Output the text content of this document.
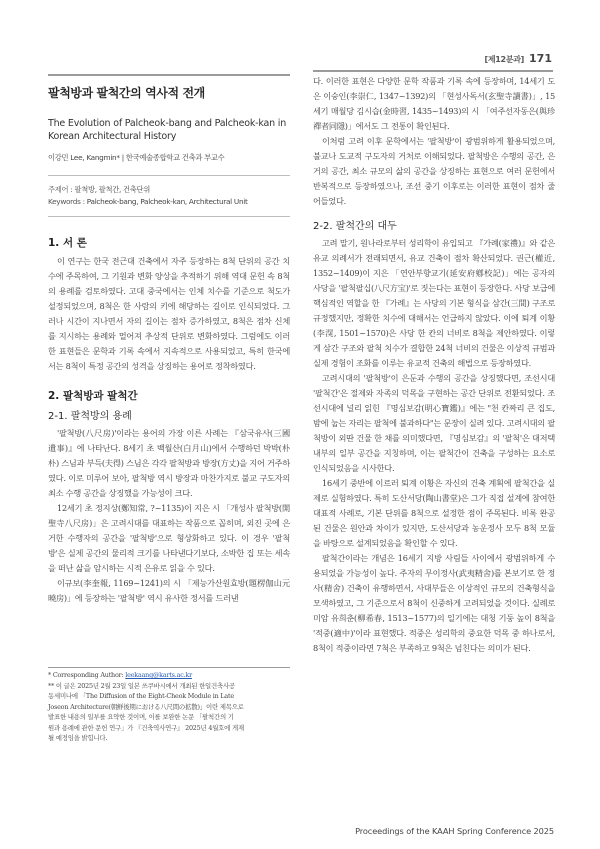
[제12분과] 171
팔척방과 팔척간의 역사적 전개
The Evolution of Palcheok-bang and Palcheok-kan in Korean Architectural History
이강민 Lee, Kangmin* | 한국예술종합학교 건축과 부교수
주제어 : 팔척방, 팔척간, 건축단위
Keywords : Palcheok-bang, Palcheok-kan, Architectural Unit
1. 서 론

이 연구는 한국 전근대 건축에서 자주 등장하는 8척 단위의 공간 치수에 주목하여, 그 기원과 변화 양상을 추적하기 위해 역대 문헌 속 8척의 용례를 검토하였다. 고대 중국에서는 인체 치수를 기준으로 척도가 설정되었으며, 8척은 한 사람의 키에 해당하는 길이로 인식되었다. 그러나 시간이 지나면서 자의 길이는 점차 증가하였고, 8척은 점차 신체를 지시하는 용례와 멀어져 추상적 단위로 변화하였다. 그럼에도 이러한 표현들은 문학과 기록 속에서 지속적으로 사용되었고, 특히 한국에서는 8척이 특정 공간의 성격을 상징하는 용어로 정착하였다.

2. 팔척방과 팔척간
2-1. 팔척방의 용례

'팔척방(八尺房)'이라는 용어의 가장 이른 사례는 『삼국유사(三國遺事)』에 나타난다. 8세기 초 백월산(白月山)에서 수행하던 박박(朴朴) 스님과 부득(夫得) 스님은 각각 팔척방과 방장(方丈)을 지어 거주하였다. 이로 미루어 보아, 팔척방 역시 방장과 마찬가지로 불교 구도자의 최소 수행 공간을 상징했을 가능성이 크다.

12세기 초 정지상(鄭知常, ?~1135)이 지은 시 「개성사 팔척방(開聖寺八尺房)」은 고려시대를 대표하는 작품으로 꼽히며, 외진 곳에 은거한 수행자의 공간을 '팔척방'으로 형상화하고 있다. 이 경우 '팔척방'은 실제 공간의 물리적 크기를 나타낸다기보다, 소박한 집 또는 세속을 떠난 삶을 암시하는 시적 은유로 읽을 수 있다.

이규보(李奎報, 1169~1241)의 시 「제능가산원효방(題楞伽山元曉房)」에 등장하는 '팔척방' 역시 유사한 정서를 드러낸

* Corresponding Author: leekaang@karts.ac.kr
** 이 글은 2025년 2월 23일 일본 쓰쿠바시에서 개최된 한일건축사공
동세미나에 「The Diffusion of the Eight-Cheok Module in Late
Joseon Architecture(朝鮮後期における八尺間の拡散)」이란 제목으로
발표한 내용의 일부를 요약한 것이며, 이를 보완한 논문 「팔척간의 기
원과 용례에 관한 문헌 연구」가 『건축역사연구』 2025년 4월호에 게재
될 예정임을 밝힙니다.

다. 이러한 표현은 다양한 문학 작품과 기록 속에 등장하며, 14세기 도은 이숭인(李崇仁, 1347~1392)의 「현성사독서(玄聖寺讀書)」, 15세기 매월당 김시습(金時習, 1435~1493)의 시 「여주선자동은(與珍禪者同隱)」에서도 그 전통이 확인된다.

이처럼 고려 이후 문학에서는 '팔척방'이 광범위하게 활용되었으며, 불교나 도교적 구도자의 거처로 이해되었다. 팔척방은 수행의 공간, 은거의 공간, 최소 규모의 삶의 공간을 상징하는 표현으로 여러 문헌에서 반복적으로 등장하였으나, 조선 중기 이후로는 이러한 표현이 점차 줄어들었다.

2-2. 팔척간의 대두

고려 말기, 원나라로부터 성리학이 유입되고 『가례(家禮)』와 같은 유교 의례서가 전래되면서, 유교 건축이 점차 확산되었다. 권근(權近, 1352~1409)이 지은 「연안부향교기(延安府鄕校記)」에는 공자의 사당을 '팔척팔십(八尺方宝)'로 짓는다는 표현이 등장한다. 사당 보급에 핵심적인 역할을 한 『가례』는 사당의 기본 형식을 삼간(三間) 구조로 규정했지만, 정확한 치수에 대해서는 언급하지 않았다. 이에 퇴계 이황(李滉, 1501~1570)은 사당 한 칸의 너비로 8척을 제안하였다. 이렇게 삼간 구조와 팔척 치수가 결합한 24척 너비의 건물은 이상적 규범과 실제 경험이 조화를 이루는 유교적 건축의 해법으로 등장하였다.

고려시대의 '팔척방'이 은둔과 수행의 공간을 상징했다면, 조선시대 '팔척간'은 절제와 자족의 덕목을 구현하는 공간 단위로 전환되었다. 조선시대에 널리 읽힌 『명심보감(明心寶鑑)』에는 "천 칸짜리 큰 집도, 밤에 눕는 자리는 팔척에 불과하다"는 문장이 실려 있다. 고려시대의 팔척방이 외딴 건물 한 채를 의미했다면, 『명심보감』의 '팔척'은 대저택 내부의 일부 공간을 지칭하며, 이는 팔척간이 건축을 구성하는 요소로 인식되었음을 시사한다.

16세기 중반에 이르러 퇴계 이황은 자신의 건축 계획에 팔척간을 실제로 실험하였다. 특히 도산서당(陶山書堂)은 그가 직접 설계에 참여한 대표적 사례로, 기본 단위를 8척으로 설정한 점이 주목된다. 비록 완공된 건물은 원안과 차이가 있지만, 도산서당과 농운정사 모두 8척 모듈을 바탕으로 설계되었음을 확인할 수 있다.

팔척간이라는 개념은 16세기 지방 사림들 사이에서 광범위하게 수용되었을 가능성이 높다. 주자의 무이정사(武夷精舍)를 본보기로 한 정사(精舍) 건축이 유행하면서, 사대부들은 이상적인 규모의 건축형식을 모색하였고, 그 기준으로서 8척이 신중하게 고려되었을 것이다. 실례로 미암 유희춘(柳希春, 1513~1577)의 일기에는 대청 기둥 높이 8척을 '적중(適中)'이라 표현했다. 적중은 성리학의 중요한 덕목 중 하나로서, 8척이 적중이라면 7척은 부족하고 9척은 넘친다는 의미가 된다.

Proceedings of the KAAH Spring Conference 2025
